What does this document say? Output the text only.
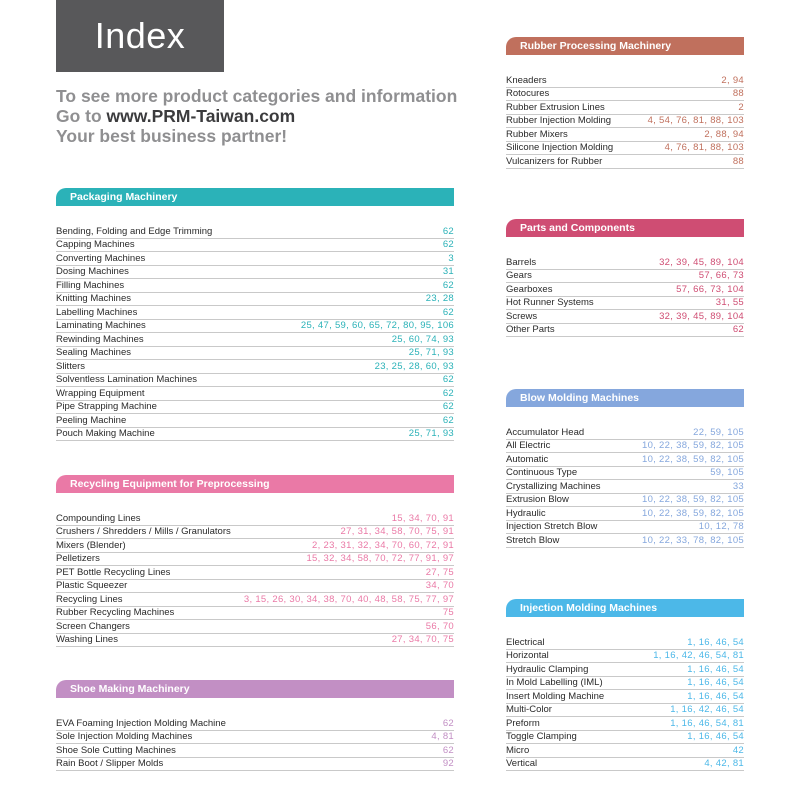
Index
To see more product categories and information
Go to www.PRM-Taiwan.com
Your best business partner!
Packaging Machinery
Bending, Folding and Edge Trimming	62
Capping Machines	62
Converting Machines	3
Dosing Machines	31
Filling Machines	62
Knitting Machines	23, 28
Labelling Machines	62
Laminating Machines	25, 47, 59, 60, 65, 72, 80, 95, 106
Rewinding Machines	25, 60, 74, 93
Sealing Machines	25, 71, 93
Slitters	23, 25, 28, 60, 93
Solventless Lamination Machines	62
Wrapping Equipment	62
Pipe Strapping Machine	62
Peeling Machine	62
Pouch Making Machine	25, 71, 93
Recycling Equipment for Preprocessing
Compounding Lines	15, 34, 70, 91
Crushers / Shredders / Mills / Granulators	27, 31, 34, 58, 70, 75, 91
Mixers (Blender)	2, 23, 31, 32, 34, 70, 60, 72, 91
Pelletizers	15, 32, 34, 58, 70, 72, 77, 91, 97
PET Bottle Recycling Lines	27, 75
Plastic Squeezer	34, 70
Recycling Lines	3, 15, 26, 30, 34, 38, 70, 40, 48, 58, 75, 77, 97
Rubber Recycling Machines	75
Screen Changers	56, 70
Washing Lines	27, 34, 70, 75
Shoe Making Machinery
EVA Foaming Injection Molding Machine	62
Sole Injection Molding Machines	4, 81
Shoe Sole Cutting Machines	62
Rain Boot / Slipper Molds	92
Rubber Processing Machinery
Kneaders	2, 94
Rotocures	88
Rubber Extrusion Lines	2
Rubber Injection Molding	4, 54, 76, 81, 88, 103
Rubber Mixers	2, 88, 94
Silicone Injection Molding	4, 76, 81, 88, 103
Vulcanizers for Rubber	88
Parts and Components
Barrels	32, 39, 45, 89, 104
Gears	57, 66, 73
Gearboxes	57, 66, 73, 104
Hot Runner Systems	31, 55
Screws	32, 39, 45, 89, 104
Other Parts	62
Blow Molding Machines
Accumulator Head	22, 59, 105
All Electric	10, 22, 38, 59, 82, 105
Automatic	10, 22, 38, 59, 82, 105
Continuous Type	59, 105
Crystallizing Machines	33
Extrusion Blow	10, 22, 38, 59, 82, 105
Hydraulic	10, 22, 38, 59, 82, 105
Injection Stretch Blow	10, 12, 78
Stretch Blow	10, 22, 33, 78, 82, 105
Injection Molding Machines
Electrical	1, 16, 46, 54
Horizontal	1, 16, 42, 46, 54, 81
Hydraulic Clamping	1, 16, 46, 54
In Mold Labelling (IML)	1, 16, 46, 54
Insert Molding Machine	1, 16, 46, 54
Multi-Color	1, 16, 42, 46, 54
Preform	1, 16, 46, 54, 81
Toggle Clamping	1, 16, 46, 54
Micro	42
Vertical	4, 42, 81
